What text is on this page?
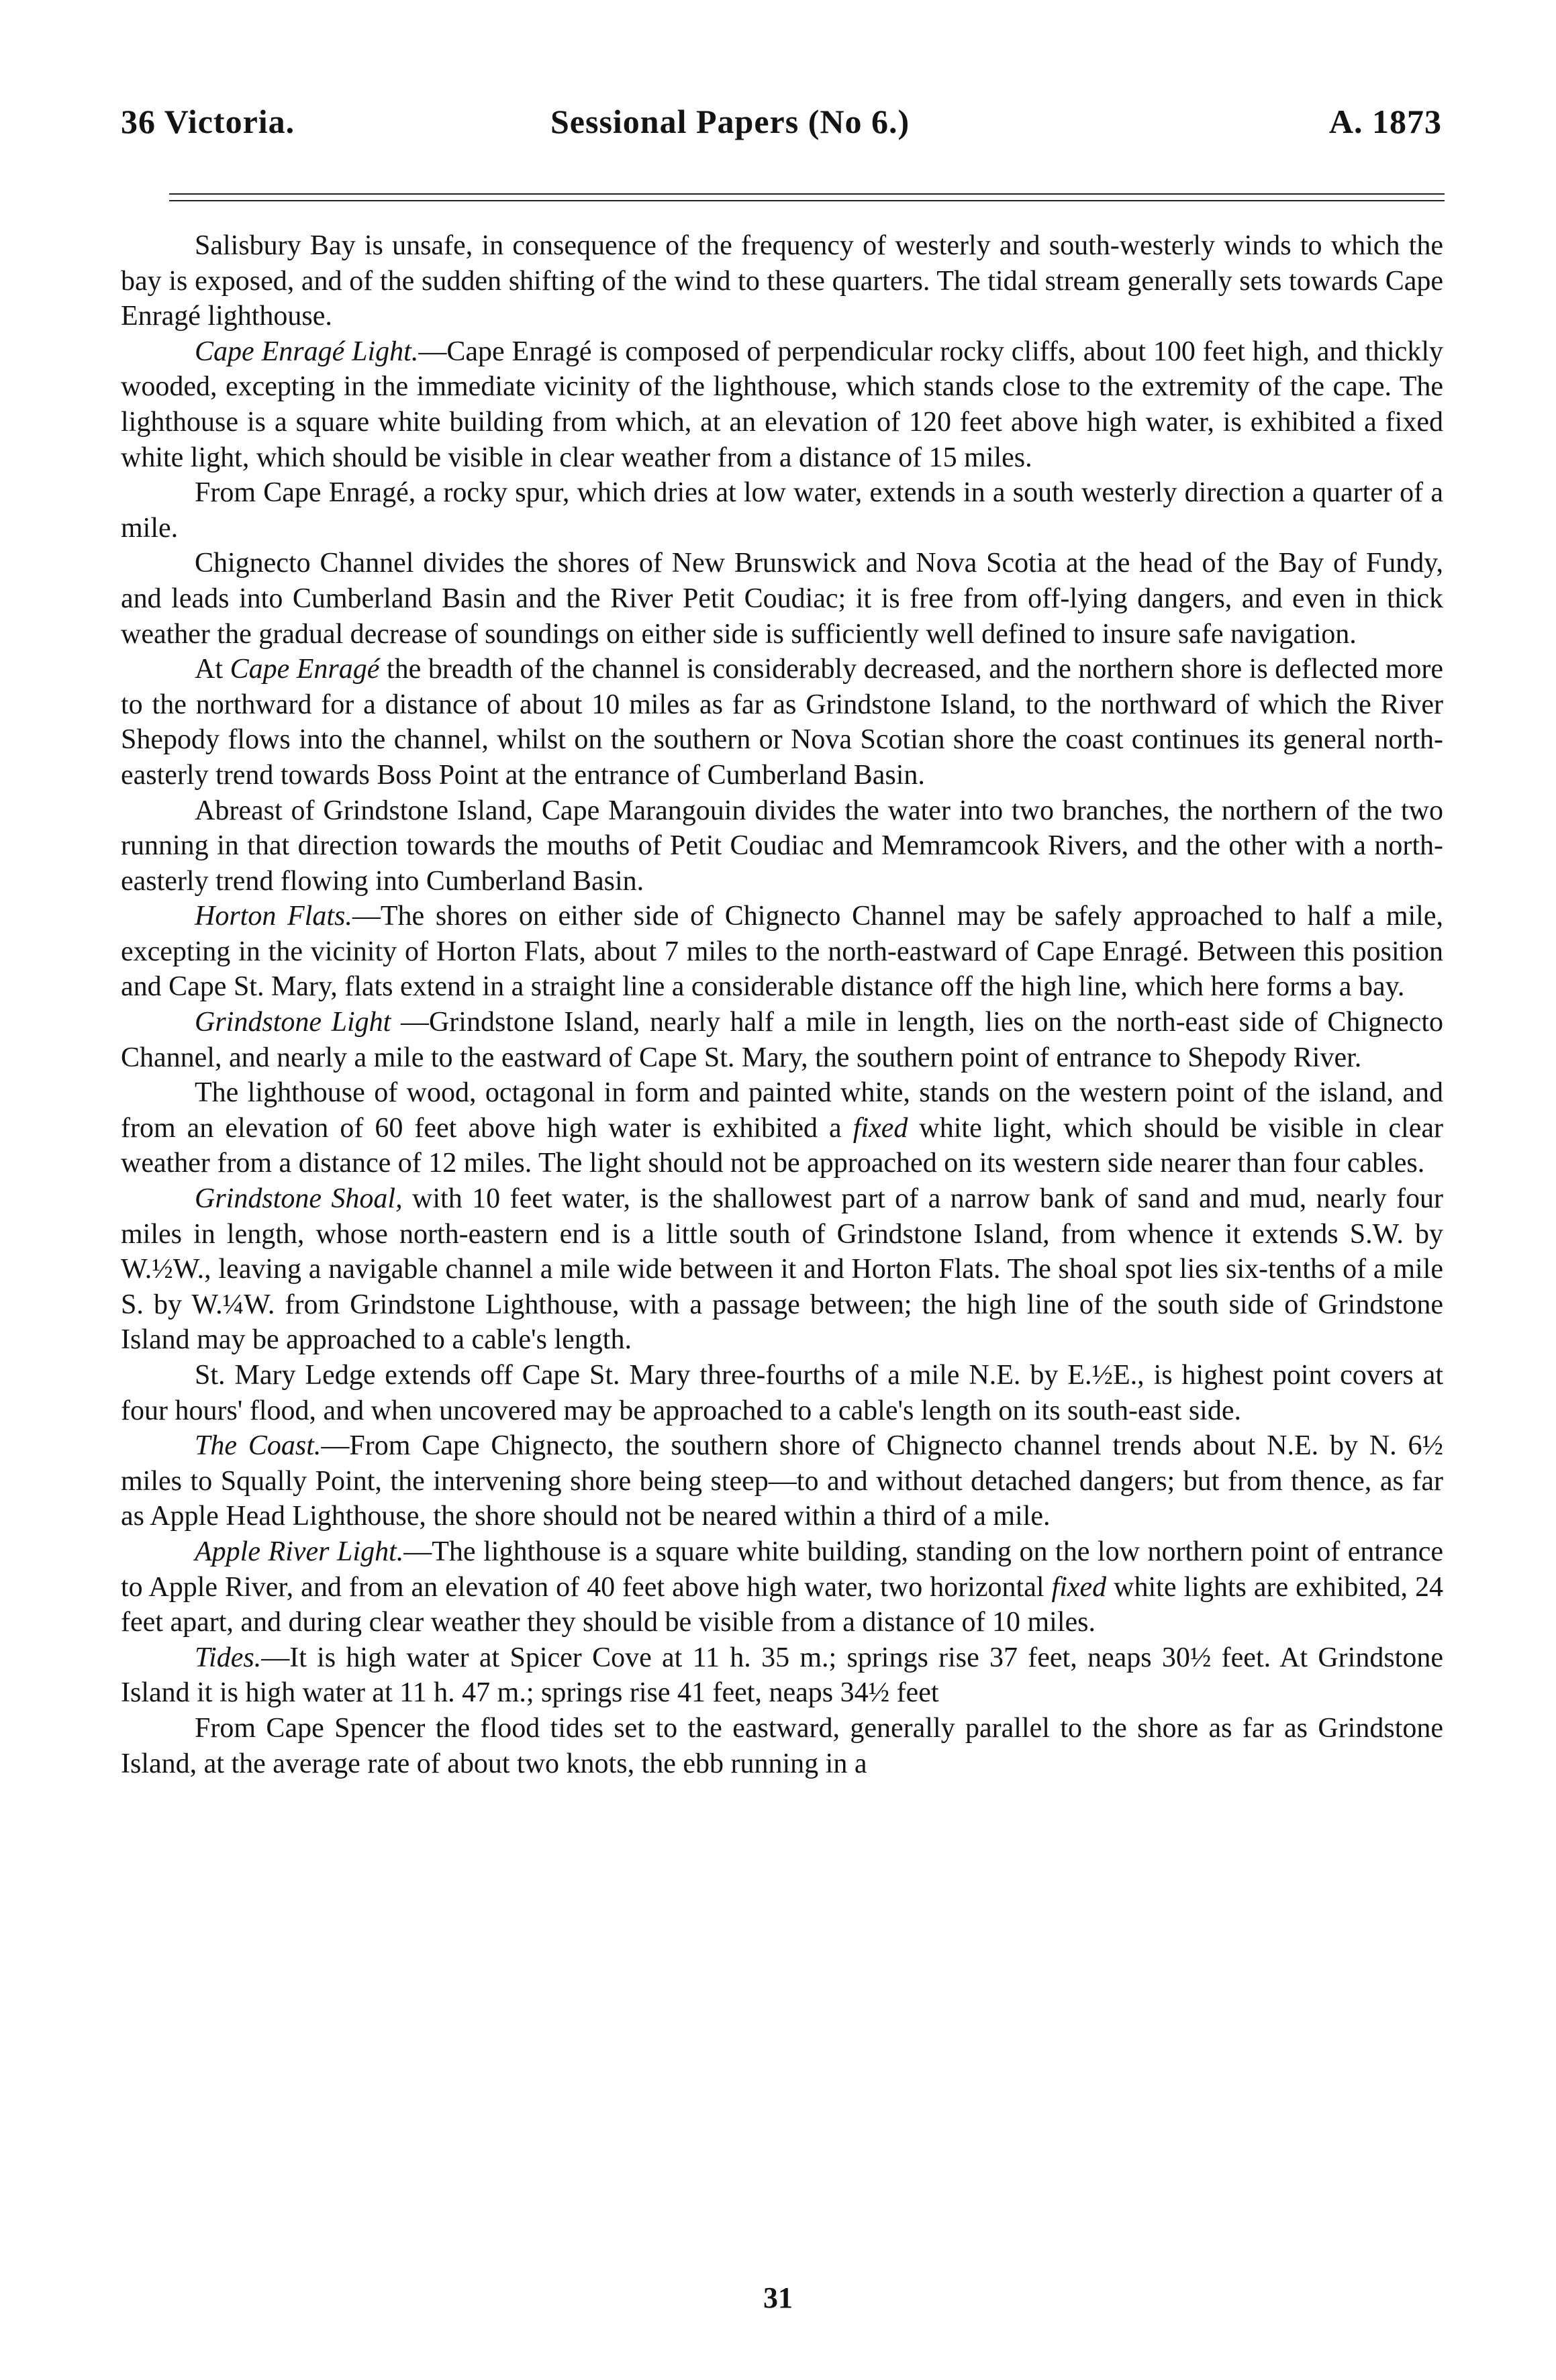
36 Victoria.	Sessional Papers (No 6.)	A. 1873

Salisbury Bay is unsafe, in consequence of the frequency of westerly and south-westerly winds to which the bay is exposed, and of the sudden shifting of the wind to these quarters. The tidal stream generally sets towards Cape Enragé lighthouse.

Cape Enragé Light.—Cape Enragé is composed of perpendicular rocky cliffs, about 100 feet high, and thickly wooded, excepting in the immediate vicinity of the lighthouse, which stands close to the extremity of the cape. The lighthouse is a square white building from which, at an elevation of 120 feet above high water, is exhibited a fixed white light, which should be visible in clear weather from a distance of 15 miles.

From Cape Enragé, a rocky spur, which dries at low water, extends in a south westerly direction a quarter of a mile.

Chignecto Channel divides the shores of New Brunswick and Nova Scotia at the head of the Bay of Fundy, and leads into Cumberland Basin and the River Petit Coudiac; it is free from off-lying dangers, and even in thick weather the gradual decrease of soundings on either side is sufficiently well defined to insure safe navigation.

At Cape Enragé the breadth of the channel is considerably decreased, and the northern shore is deflected more to the northward for a distance of about 10 miles as far as Grindstone Island, to the northward of which the River Shepody flows into the channel, whilst on the southern or Nova Scotian shore the coast continues its general north-easterly trend towards Boss Point at the entrance of Cumberland Basin.

Abreast of Grindstone Island, Cape Marangouin divides the water into two branches, the northern of the two running in that direction towards the mouths of Petit Coudiac and Memramcook Rivers, and the other with a north-easterly trend flowing into Cumberland Basin.

Horton Flats.—The shores on either side of Chignecto Channel may be safely approached to half a mile, excepting in the vicinity of Horton Flats, about 7 miles to the north-eastward of Cape Enragé. Between this position and Cape St. Mary, flats extend in a straight line a considerable distance off the high line, which here forms a bay.

Grindstone Light —Grindstone Island, nearly half a mile in length, lies on the north-east side of Chignecto Channel, and nearly a mile to the eastward of Cape St. Mary, the southern point of entrance to Shepody River.

The lighthouse of wood, octagonal in form and painted white, stands on the western point of the island, and from an elevation of 60 feet above high water is exhibited a fixed white light, which should be visible in clear weather from a distance of 12 miles. The light should not be approached on its western side nearer than four cables.

Grindstone Shoal, with 10 feet water, is the shallowest part of a narrow bank of sand and mud, nearly four miles in length, whose north-eastern end is a little south of Grindstone Island, from whence it extends S.W. by W.½W., leaving a navigable channel a mile wide between it and Horton Flats. The shoal spot lies six-tenths of a mile S. by W.¼W. from Grindstone Lighthouse, with a passage between; the high line of the south side of Grindstone Island may be approached to a cable's length.

St. Mary Ledge extends off Cape St. Mary three-fourths of a mile N.E. by E.½E., is highest point covers at four hours' flood, and when uncovered may be approached to a cable's length on its south-east side.

The Coast.—From Cape Chignecto, the southern shore of Chignecto channel trends about N.E. by N. 6½ miles to Squally Point, the intervening shore being steep—to and without detached dangers; but from thence, as far as Apple Head Lighthouse, the shore should not be neared within a third of a mile.

Apple River Light.—The lighthouse is a square white building, standing on the low northern point of entrance to Apple River, and from an elevation of 40 feet above high water, two horizontal fixed white lights are exhibited, 24 feet apart, and during clear weather they should be visible from a distance of 10 miles.

Tides.—It is high water at Spicer Cove at 11 h. 35 m.; springs rise 37 feet, neaps 30½ feet. At Grindstone Island it is high water at 11 h. 47 m.; springs rise 41 feet, neaps 34½ feet

From Cape Spencer the flood tides set to the eastward, generally parallel to the shore as far as Grindstone Island, at the average rate of about two knots, the ebb running in a

31
